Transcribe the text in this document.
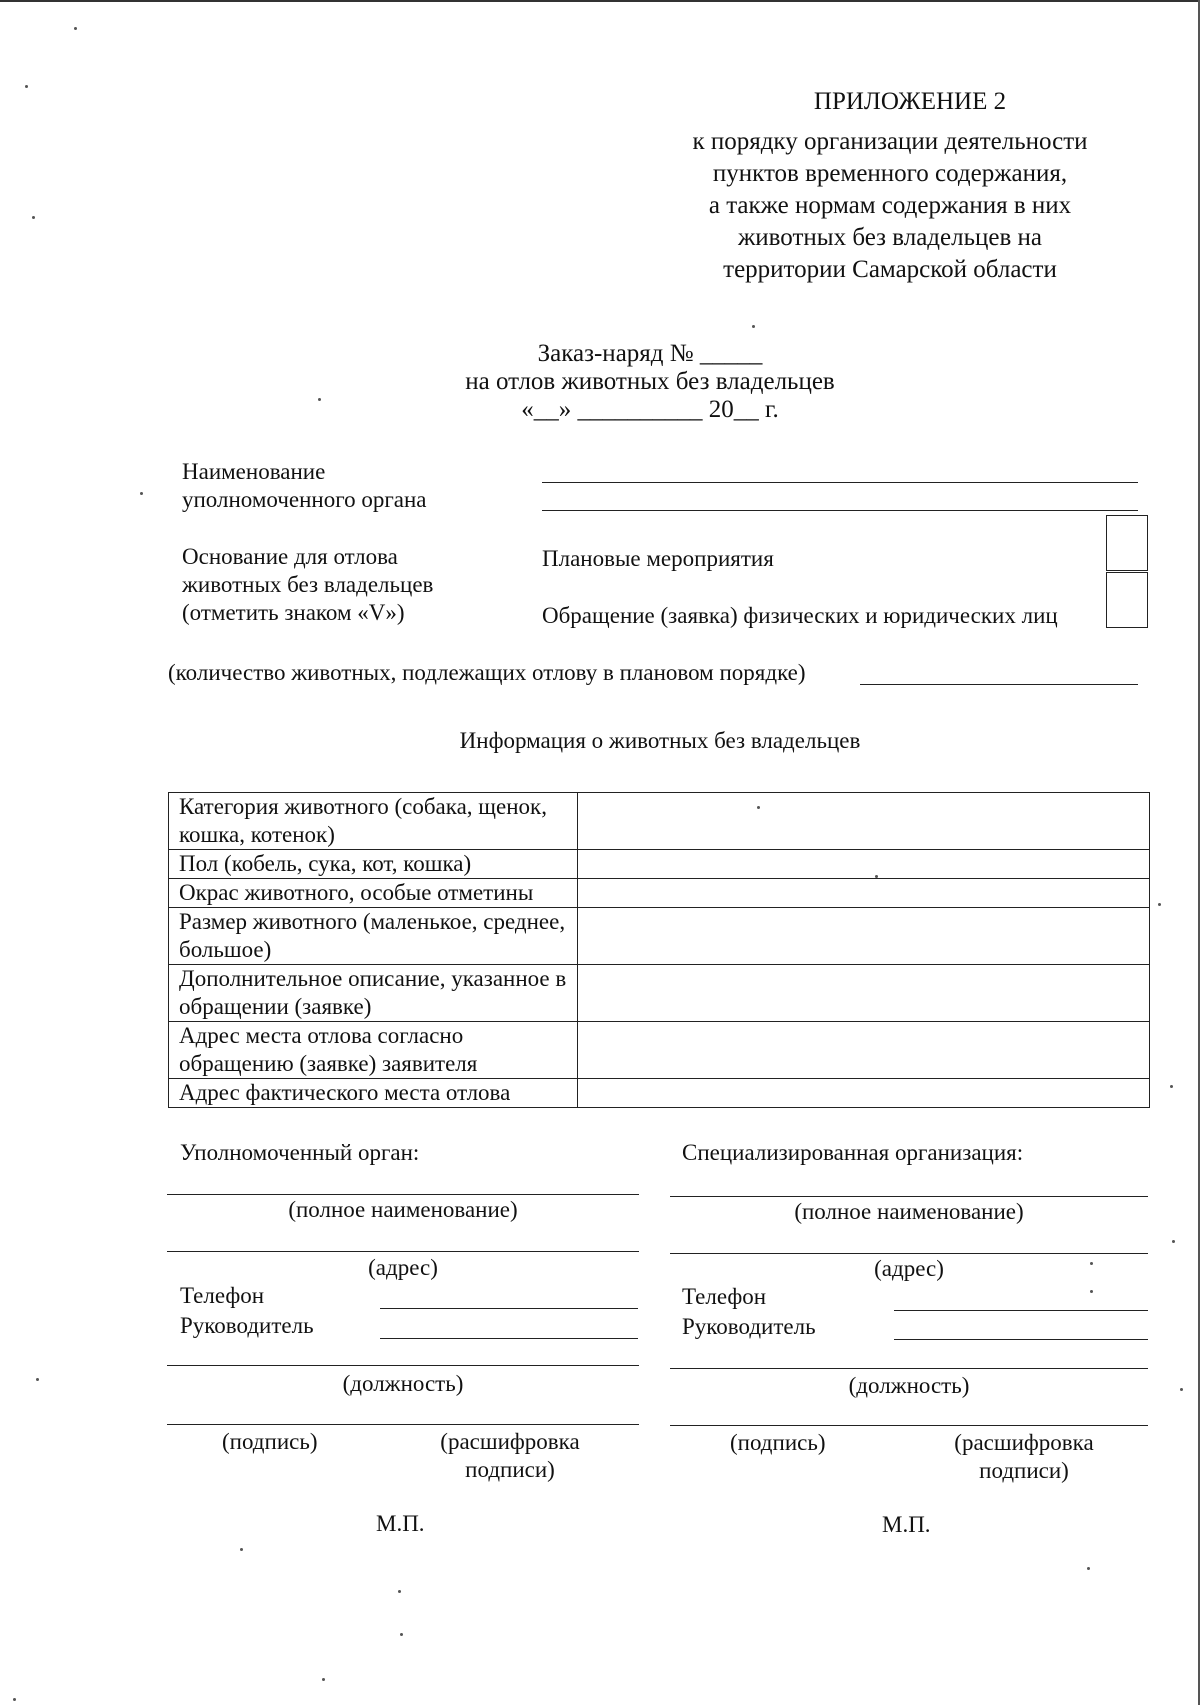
ПРИЛОЖЕНИЕ 2
к порядку организации деятельности
пунктов временного содержания,
а также нормам содержания в них
животных без владельцев на
территории Самарской области
Заказ-наряд № _____
на отлов животных без владельцев
«__» __________ 20__ г.
Наименование
уполномоченного органа
Основание для отлова
животных без владельцев
(отметить знаком «V»)
Плановые мероприятия
Обращение (заявка) физических и юридических лиц
(количество животных, подлежащих отлову в плановом порядке)
Информация о животных без владельцев
Категория животного (собака, щенок, кошка, котенок)	
Пол (кобель, сука, кот, кошка)	
Окрас животного, особые отметины	
Размер животного (маленькое, среднее, большое)	
Дополнительное описание, указанное в обращении (заявке)	
Адрес места отлова согласно обращению (заявке) заявителя	
Адрес фактического места отлова	
Уполномоченный орган:
(полное наименование)
(адрес)
Телефон
Руководитель
(должность)
(подпись)	(расшифровка
подписи)
М.П.
Специализированная организация:
(полное наименование)
(адрес)
Телефон
Руководитель
(должность)
(подпись)	(расшифровка
подписи)
М.П.
